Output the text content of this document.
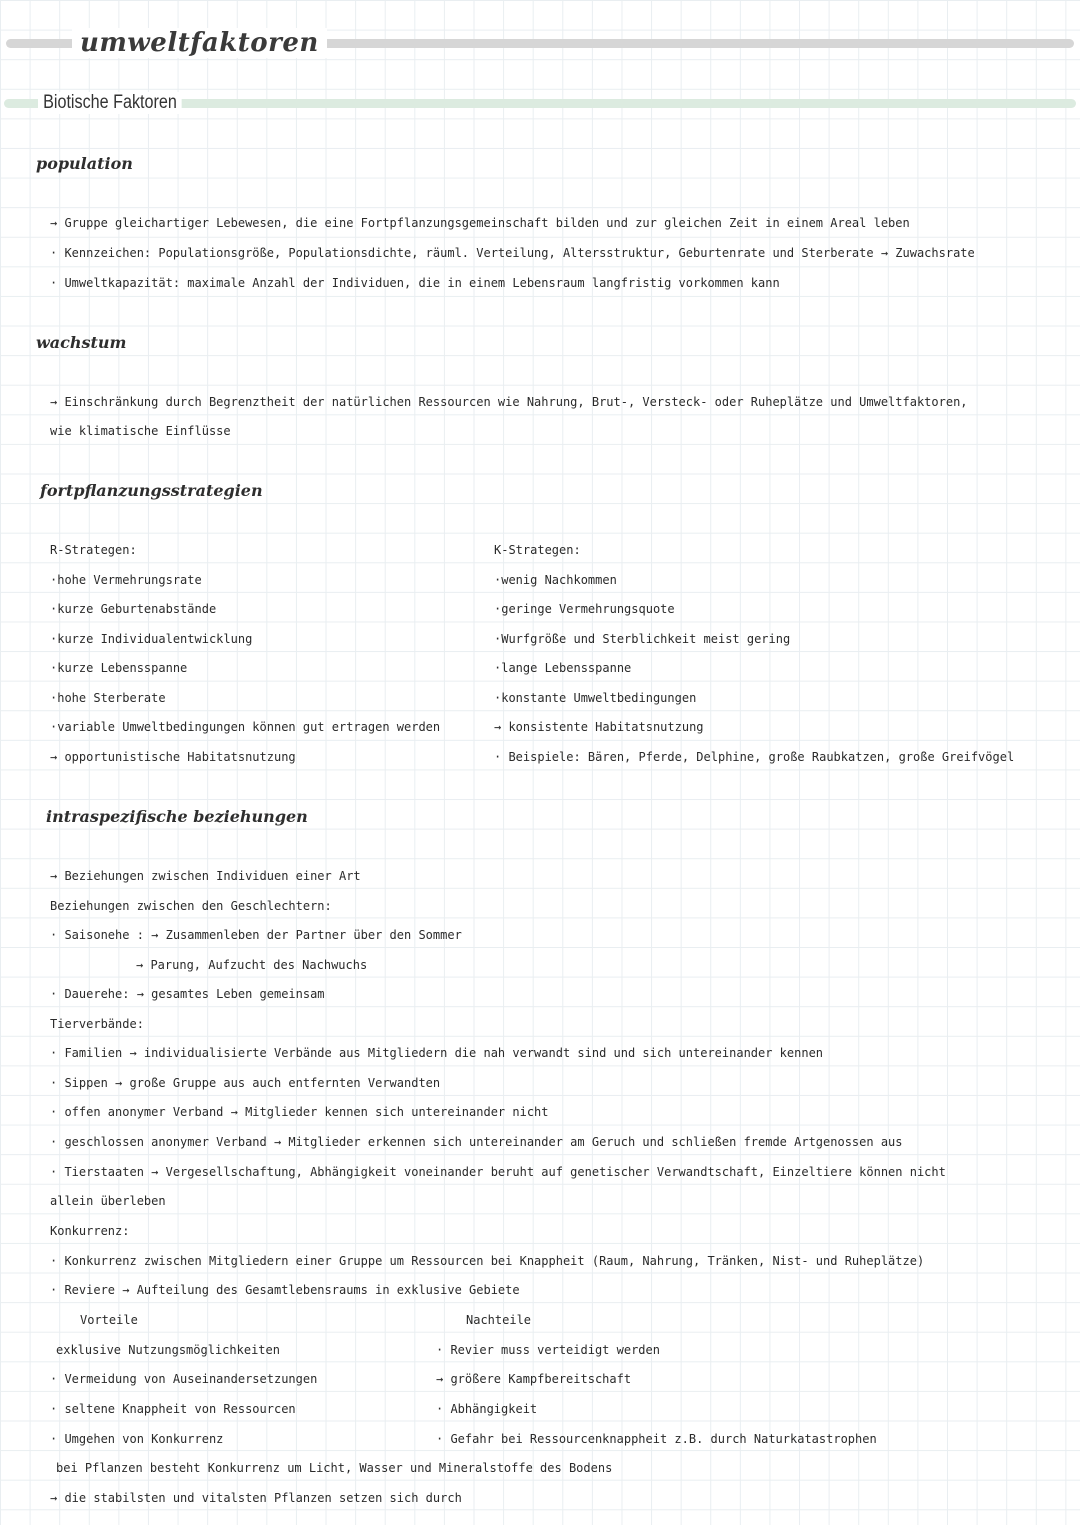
umweltfaktoren
Biotische Faktoren
population
→ Gruppe gleichartiger Lebewesen, die eine Fortpflanzungsgemeinschaft bilden und zur gleichen Zeit in einem Areal leben
· Kennzeichen: Populationsgröße, Populationsdichte, räuml. Verteilung, Altersstruktur, Geburtenrate und Sterberate → Zuwachsrate
· Umweltkapazität: maximale Anzahl der Individuen, die in einem Lebensraum langfristig vorkommen kann
wachstum
→ Einschränkung durch Begrenztheit der natürlichen Ressourcen wie Nahrung, Brut-, Versteck- oder Ruheplätze und Umweltfaktoren,
wie klimatische Einflüsse
fortpflanzungsstrategien
R-Strategen:
·hohe Vermehrungsrate
·kurze Geburtenabstände
·kurze Individualentwicklung
·kurze Lebensspanne
·hohe Sterberate
·variable Umweltbedingungen können gut ertragen werden
→ opportunistische Habitatsnutzung
K-Strategen:
·wenig Nachkommen
·geringe Vermehrungsquote
·Wurfgröße und Sterblichkeit meist gering
·lange Lebensspanne
·konstante Umweltbedingungen
→ konsistente Habitatsnutzung
· Beispiele: Bären, Pferde, Delphine, große Raubkatzen, große Greifvögel
intraspezifische beziehungen
→ Beziehungen zwischen Individuen einer Art
Beziehungen zwischen den Geschlechtern:
· Saisonehe : → Zusammenleben der Partner über den Sommer
→ Parung, Aufzucht des Nachwuchs
· Dauerehe: → gesamtes Leben gemeinsam
Tierverbände:
· Familien → individualisierte Verbände aus Mitgliedern die nah verwandt sind und sich untereinander kennen
· Sippen → große Gruppe aus auch entfernten Verwandten
· offen anonymer Verband → Mitglieder kennen sich untereinander nicht
· geschlossen anonymer Verband → Mitglieder erkennen sich untereinander am Geruch und schließen fremde Artgenossen aus
· Tierstaaten → Vergesellschaftung, Abhängigkeit voneinander beruht auf genetischer Verwandtschaft, Einzeltiere können nicht
allein überleben
Konkurrenz:
· Konkurrenz zwischen Mitgliedern einer Gruppe um Ressourcen bei Knappheit (Raum, Nahrung, Tränken, Nist- und Ruheplätze)
· Reviere → Aufteilung des Gesamtlebensraums in exklusive Gebiete
Vorteile
exklusive Nutzungsmöglichkeiten
· Vermeidung von Auseinandersetzungen
· seltene Knappheit von Ressourcen
· Umgehen von Konkurrenz
Nachteile
· Revier muss verteidigt werden
→ größere Kampfbereitschaft
· Abhängigkeit
· Gefahr bei Ressourcenknappheit z.B. durch Naturkatastrophen
bei Pflanzen besteht Konkurrenz um Licht, Wasser und Mineralstoffe des Bodens
→ die stabilsten und vitalsten Pflanzen setzen sich durch
